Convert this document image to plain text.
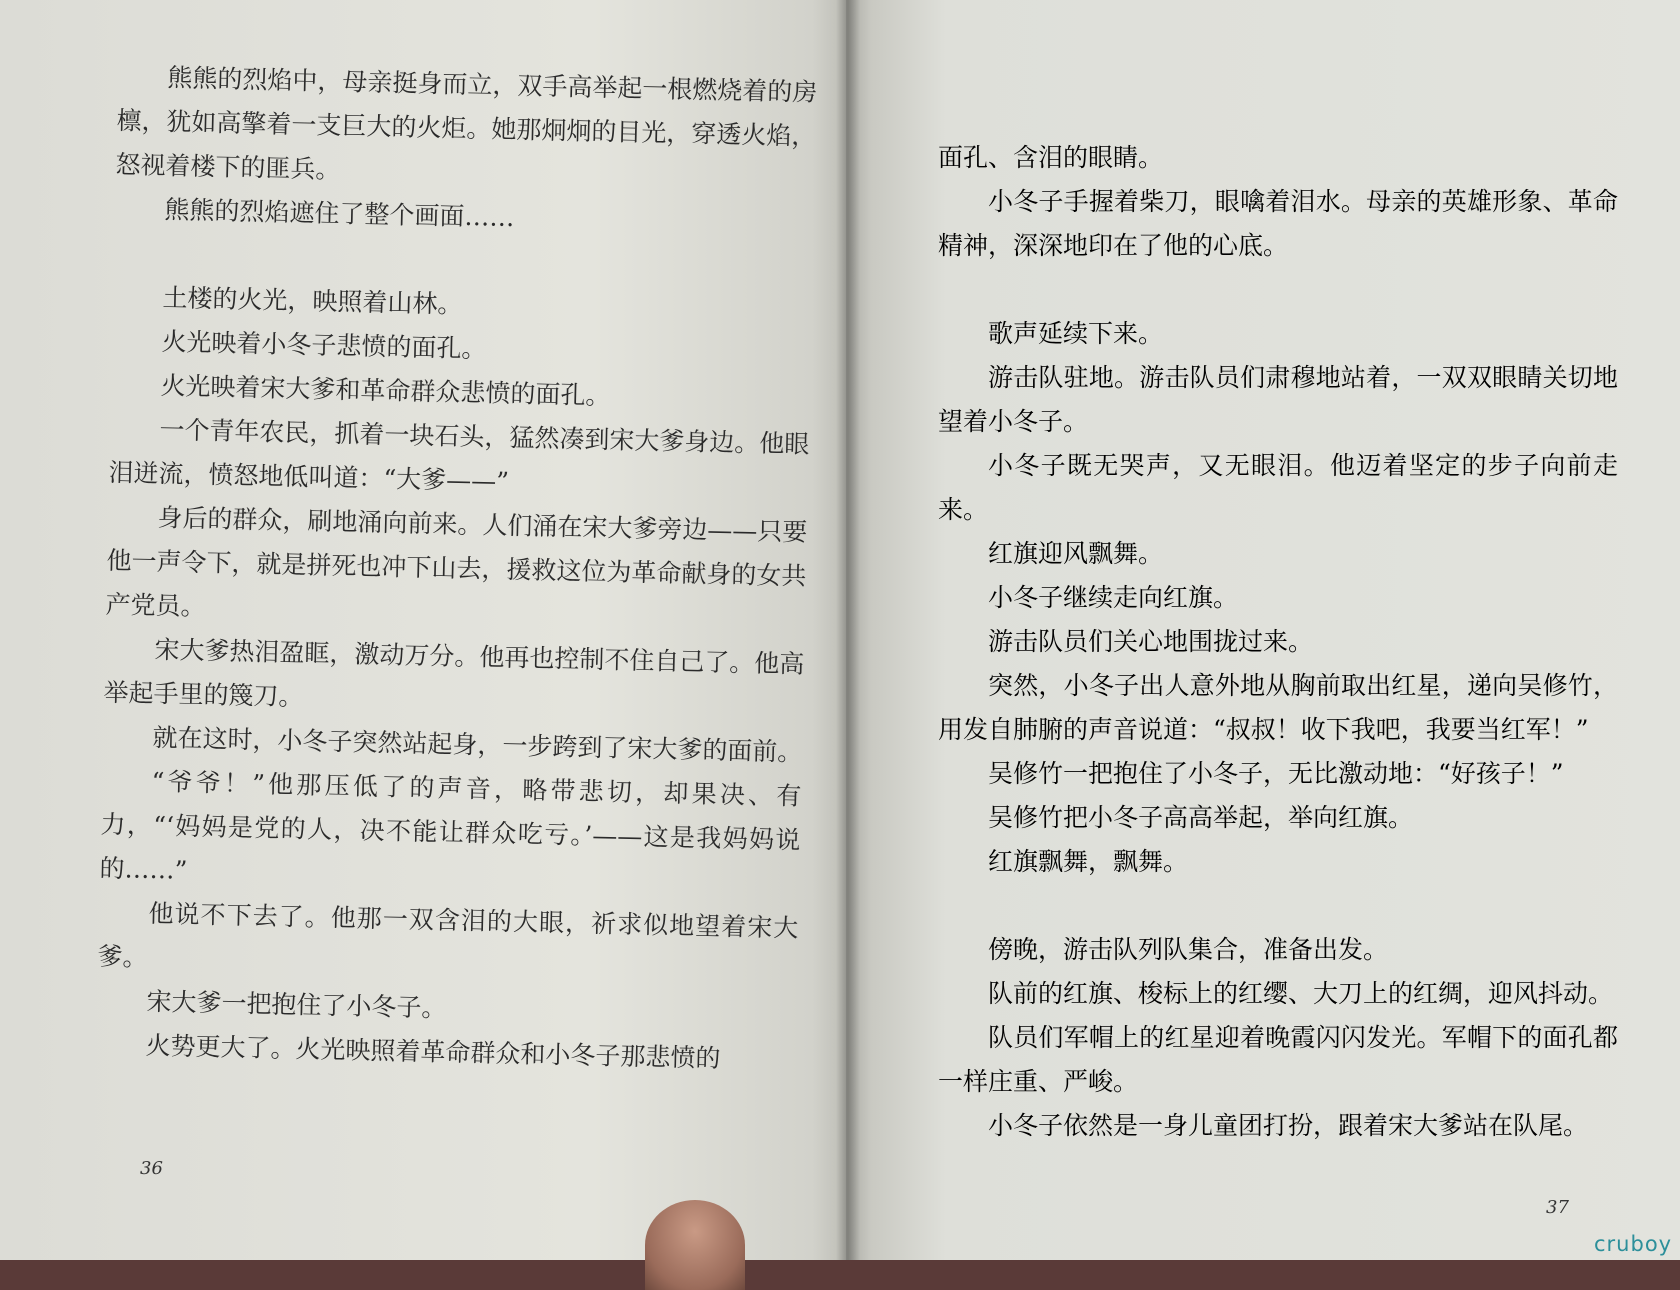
熊熊的烈焰中，母亲挺身而立，双手高举起一根燃烧着的房檩，犹如高擎着一支巨大的火炬。她那炯炯的目光，穿透火焰，怒视着楼下的匪兵。

熊熊的烈焰遮住了整个画面……

土楼的火光，映照着山林。

火光映着小冬子悲愤的面孔。

火光映着宋大爹和革命群众悲愤的面孔。

一个青年农民，抓着一块石头，猛然凑到宋大爹身边。他眼泪迸流，愤怒地低叫道：“大爹——”

身后的群众，刷地涌向前来。人们涌在宋大爹旁边——只要他一声令下，就是拼死也冲下山去，援救这位为革命献身的女共产党员。

宋大爹热泪盈眶，激动万分。他再也控制不住自己了。他高举起手里的篾刀。

就在这时，小冬子突然站起身，一步跨到了宋大爹的面前。

“爷爷！”他那压低了的声音，略带悲切，却果决、有力，“‘妈妈是党的人，决不能让群众吃亏。’——这是我妈妈说的……”

他说不下去了。他那一双含泪的大眼，祈求似地望着宋大爹。

宋大爹一把抱住了小冬子。

火势更大了。火光映照着革命群众和小冬子那悲愤的

36

面孔、含泪的眼睛。

小冬子手握着柴刀，眼噙着泪水。母亲的英雄形象、革命精神，深深地印在了他的心底。

歌声延续下来。

游击队驻地。游击队员们肃穆地站着，一双双眼睛关切地望着小冬子。

小冬子既无哭声，又无眼泪。他迈着坚定的步子向前走来。

红旗迎风飘舞。

小冬子继续走向红旗。

游击队员们关心地围拢过来。

突然，小冬子出人意外地从胸前取出红星，递向吴修竹，用发自肺腑的声音说道：“叔叔！收下我吧，我要当红军！”

吴修竹一把抱住了小冬子，无比激动地：“好孩子！”

吴修竹把小冬子高高举起，举向红旗。

红旗飘舞，飘舞。

傍晚，游击队列队集合，准备出发。

队前的红旗、梭标上的红缨、大刀上的红绸，迎风抖动。

队员们军帽上的红星迎着晚霞闪闪发光。军帽下的面孔都一样庄重、严峻。

小冬子依然是一身儿童团打扮，跟着宋大爹站在队尾。

37
cruboy
